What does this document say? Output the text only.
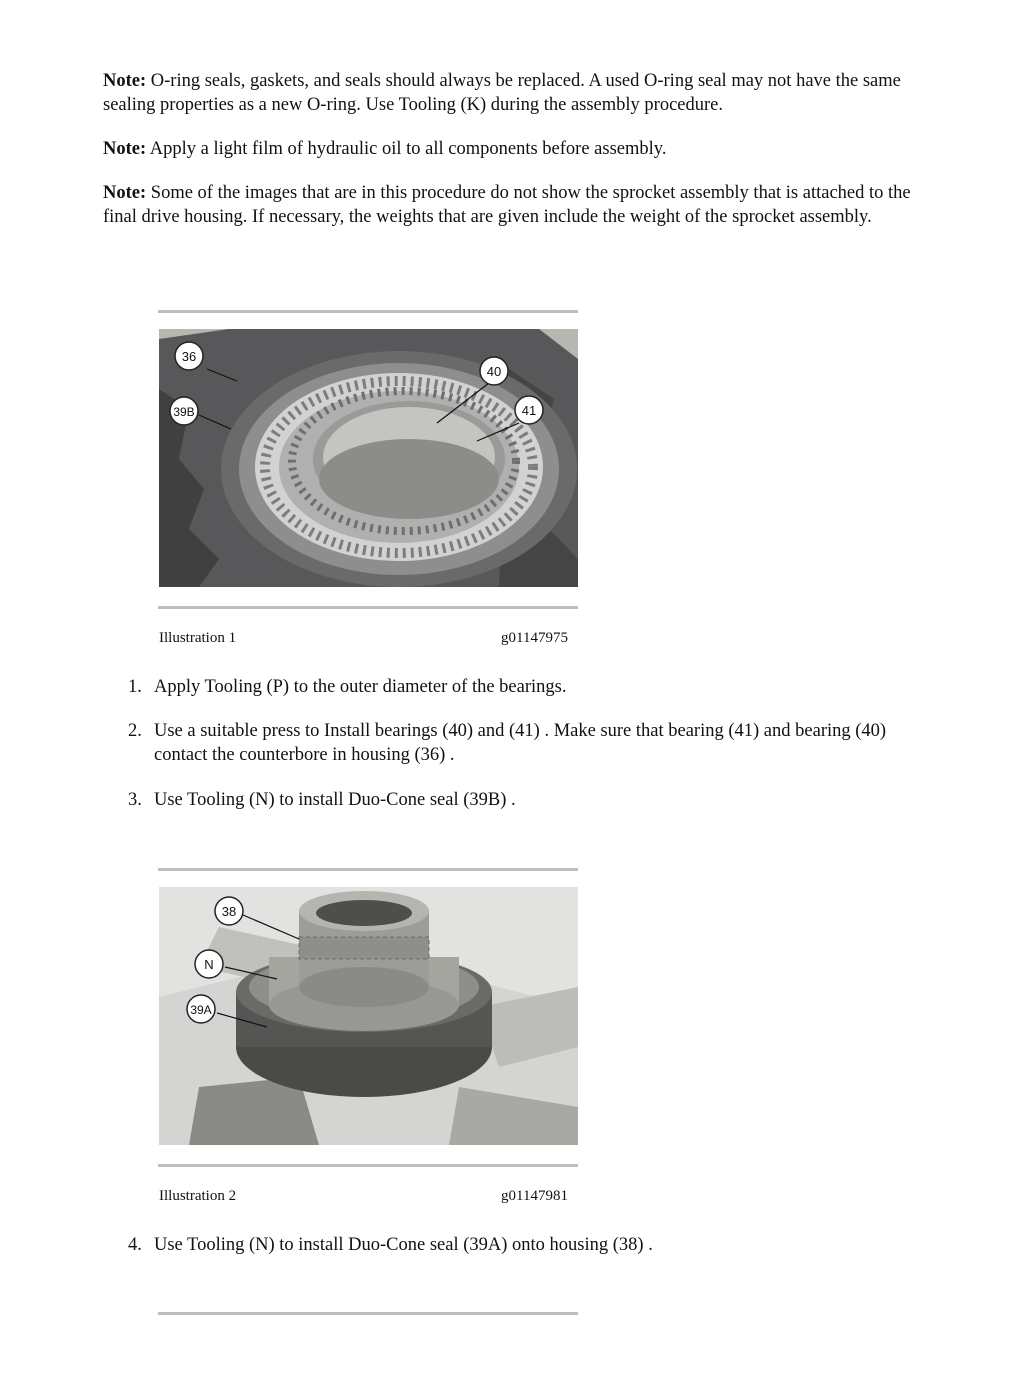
Note: O-ring seals, gaskets, and seals should always be replaced. A used O-ring seal may not have the same sealing properties as a new O-ring. Use Tooling (K) during the assembly procedure.

Note: Apply a light film of hydraulic oil to all components before assembly.

Note: Some of the images that are in this procedure do not show the sprocket assembly that is attached to the final drive housing. If necessary, the weights that are given include the weight of the sprocket assembly.

36
39B
40
41
Illustration 1	g01147975
1. Apply Tooling (P) to the outer diameter of the bearings.
2. Use a suitable press to Install bearings (40) and (41) . Make sure that bearing (41) and bearing (40) contact the counterbore in housing (36) .
3. Use Tooling (N) to install Duo-Cone seal (39B) .
38
N
39A
Illustration 2	g01147981
4. Use Tooling (N) to install Duo-Cone seal (39A) onto housing (38) .
